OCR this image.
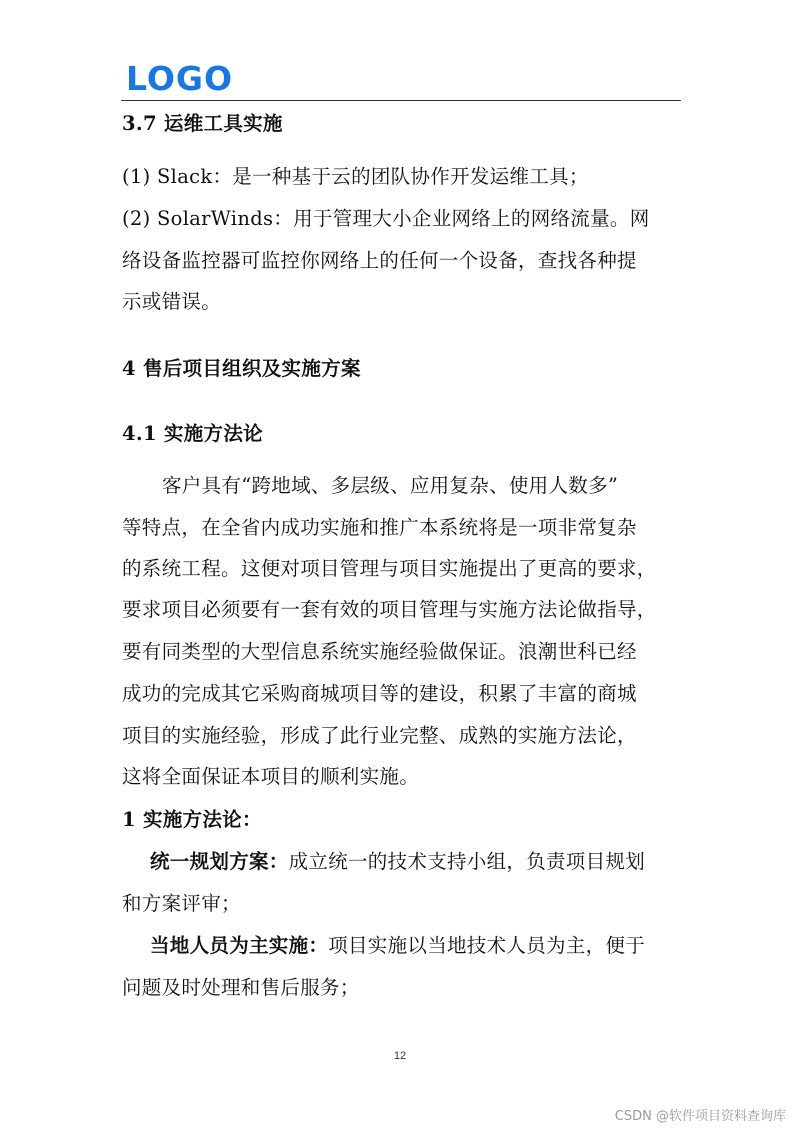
LOGO
3.7 运维工具实施
(1) Slack：是一种基于云的团队协作开发运维工具；
(2) SolarWinds：用于管理大小企业网络上的网络流量。网
络设备监控器可监控你网络上的任何一个设备，查找各种提
示或错误。
4 售后项目组织及实施方案
4.1 实施方法论
客户具有“跨地域、多层级、应用复杂、使用人数多”
等特点，在全省内成功实施和推广本系统将是一项非常复杂
的系统工程。这便对项目管理与项目实施提出了更高的要求，
要求项目必须要有一套有效的项目管理与实施方法论做指导，
要有同类型的大型信息系统实施经验做保证。浪潮世科已经
成功的完成其它采购商城项目等的建设，积累了丰富的商城
项目的实施经验，形成了此行业完整、成熟的实施方法论，
这将全面保证本项目的顺利实施。
1 实施方法论：
统一规划方案：成立统一的技术支持小组，负责项目规划
和方案评审；
当地人员为主实施：项目实施以当地技术人员为主，便于
问题及时处理和售后服务；
12
CSDN @软件项目资料查询库
